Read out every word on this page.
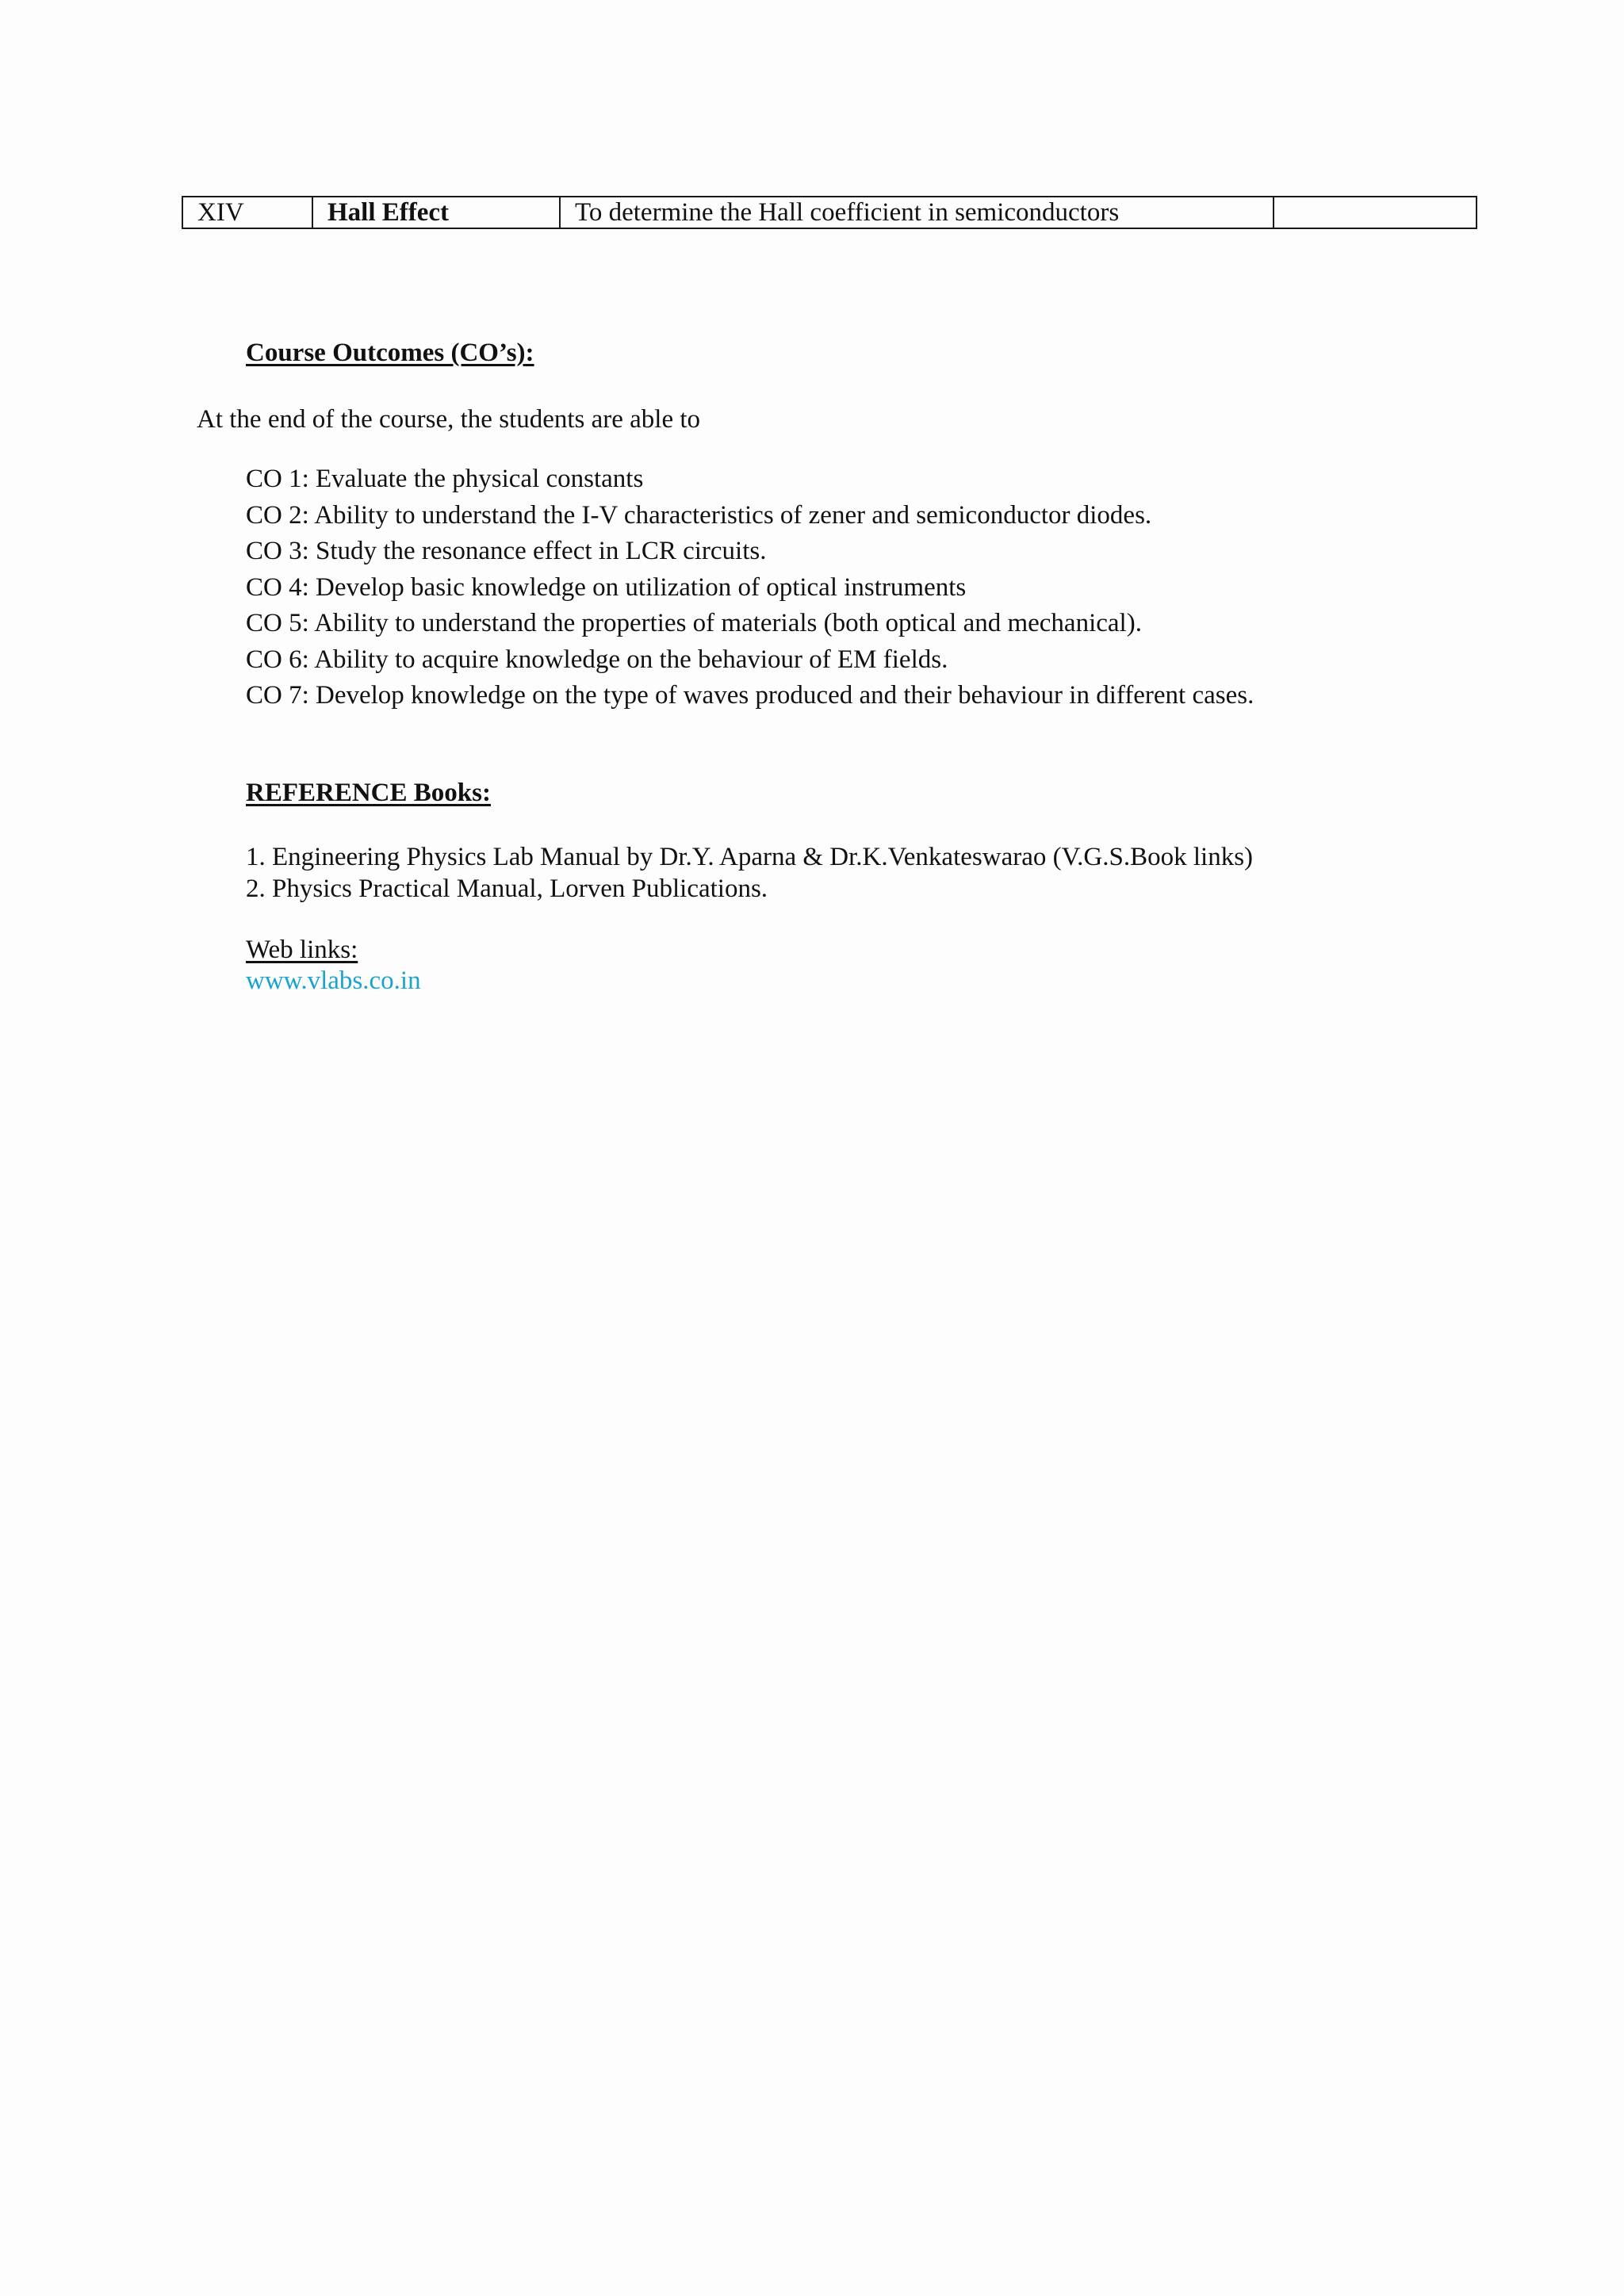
XIV	Hall Effect	To determine the Hall coefficient in semiconductors	
Course Outcomes (CO’s):
At the end of the course, the students are able to
CO 1: Evaluate the physical constants
CO 2: Ability to understand the I-V characteristics of zener and semiconductor diodes.
CO 3: Study the resonance effect in LCR circuits.
CO 4: Develop basic knowledge on utilization of optical instruments
CO 5: Ability to understand the properties of materials (both optical and mechanical).
CO 6: Ability to acquire knowledge on the behaviour of EM fields.
CO 7: Develop knowledge on the type of waves produced and their behaviour in different cases.
REFERENCE Books:
1. Engineering Physics Lab Manual by Dr.Y. Aparna & Dr.K.Venkateswarao (V.G.S.Book links)
2. Physics Practical Manual, Lorven Publications.
Web links:
www.vlabs.co.in
